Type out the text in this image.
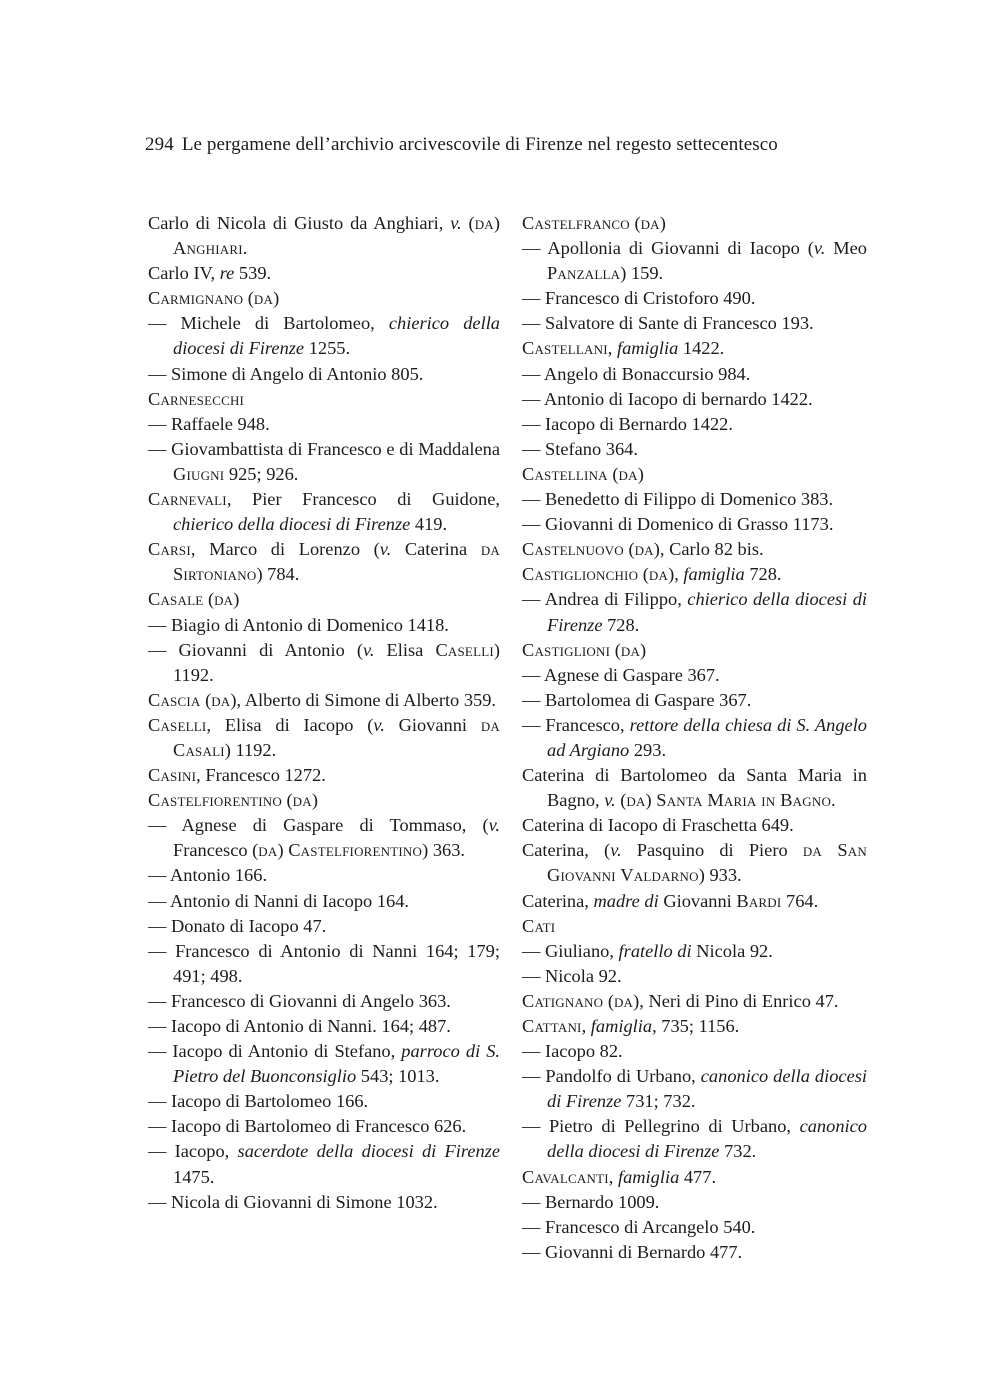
294 Le pergamene dell’archivio arcivescovile di Firenze nel regesto settecentesco
Carlo di Nicola di Giusto da Anghiari, v. (da) Anghiari.
Carlo IV, re 539.
Carmignano (da)
— Michele di Bartolomeo, chierico della diocesi di Firenze 1255.
— Simone di Angelo di Antonio 805.
Carnesecchi
— Raffaele 948.
— Giovambattista di Francesco e di Maddalena Giugni 925; 926.
Carnevali, Pier Francesco di Guidone, chierico della diocesi di Firenze 419.
Carsi, Marco di Lorenzo (v. Caterina da Sirtoniano) 784.
Casale (da)
— Biagio di Antonio di Domenico 1418.
— Giovanni di Antonio (v. Elisa Caselli) 1192.
Cascia (da), Alberto di Simone di Alberto 359.
Caselli, Elisa di Iacopo (v. Giovanni da Casali) 1192.
Casini, Francesco 1272.
Castelfiorentino (da)
— Agnese di Gaspare di Tommaso, (v. Francesco (da) Castelfiorentino) 363.
— Antonio 166.
— Antonio di Nanni di Iacopo 164.
— Donato di Iacopo 47.
— Francesco di Antonio di Nanni 164; 179; 491; 498.
— Francesco di Giovanni di Angelo 363.
— Iacopo di Antonio di Nanni. 164; 487.
— Iacopo di Antonio di Stefano, parroco di S. Pietro del Buonconsiglio 543; 1013.
— Iacopo di Bartolomeo 166.
— Iacopo di Bartolomeo di Francesco 626.
— Iacopo, sacerdote della diocesi di Firenze 1475.
— Nicola di Giovanni di Simone 1032.
Castelfranco (da)
— Apollonia di Giovanni di Iacopo (v. Meo Panzalla) 159.
— Francesco di Cristoforo 490.
— Salvatore di Sante di Francesco 193.
Castellani, famiglia 1422.
— Angelo di Bonaccursio 984.
— Antonio di Iacopo di bernardo 1422.
— Iacopo di Bernardo 1422.
— Stefano 364.
Castellina (da)
— Benedetto di Filippo di Domenico 383.
— Giovanni di Domenico di Grasso 1173.
Castelnuovo (da), Carlo 82 bis.
Castiglionchio (da), famiglia 728.
— Andrea di Filippo, chierico della diocesi di Firenze 728.
Castiglioni (da)
— Agnese di Gaspare 367.
— Bartolomea di Gaspare 367.
— Francesco, rettore della chiesa di S. Angelo ad Argiano 293.
Caterina di Bartolomeo da Santa Maria in Bagno, v. (da) Santa Maria in Bagno.
Caterina di Iacopo di Fraschetta 649.
Caterina, (v. Pasquino di Piero da San Giovanni Valdarno) 933.
Caterina, madre di Giovanni Bardi 764.
Cati
— Giuliano, fratello di Nicola 92.
— Nicola 92.
Catignano (da), Neri di Pino di Enrico 47.
Cattani, famiglia, 735; 1156.
— Iacopo 82.
— Pandolfo di Urbano, canonico della diocesi di Firenze 731; 732.
— Pietro di Pellegrino di Urbano, canonico della diocesi di Firenze 732.
Cavalcanti, famiglia 477.
— Bernardo 1009.
— Francesco di Arcangelo 540.
— Giovanni di Bernardo 477.
